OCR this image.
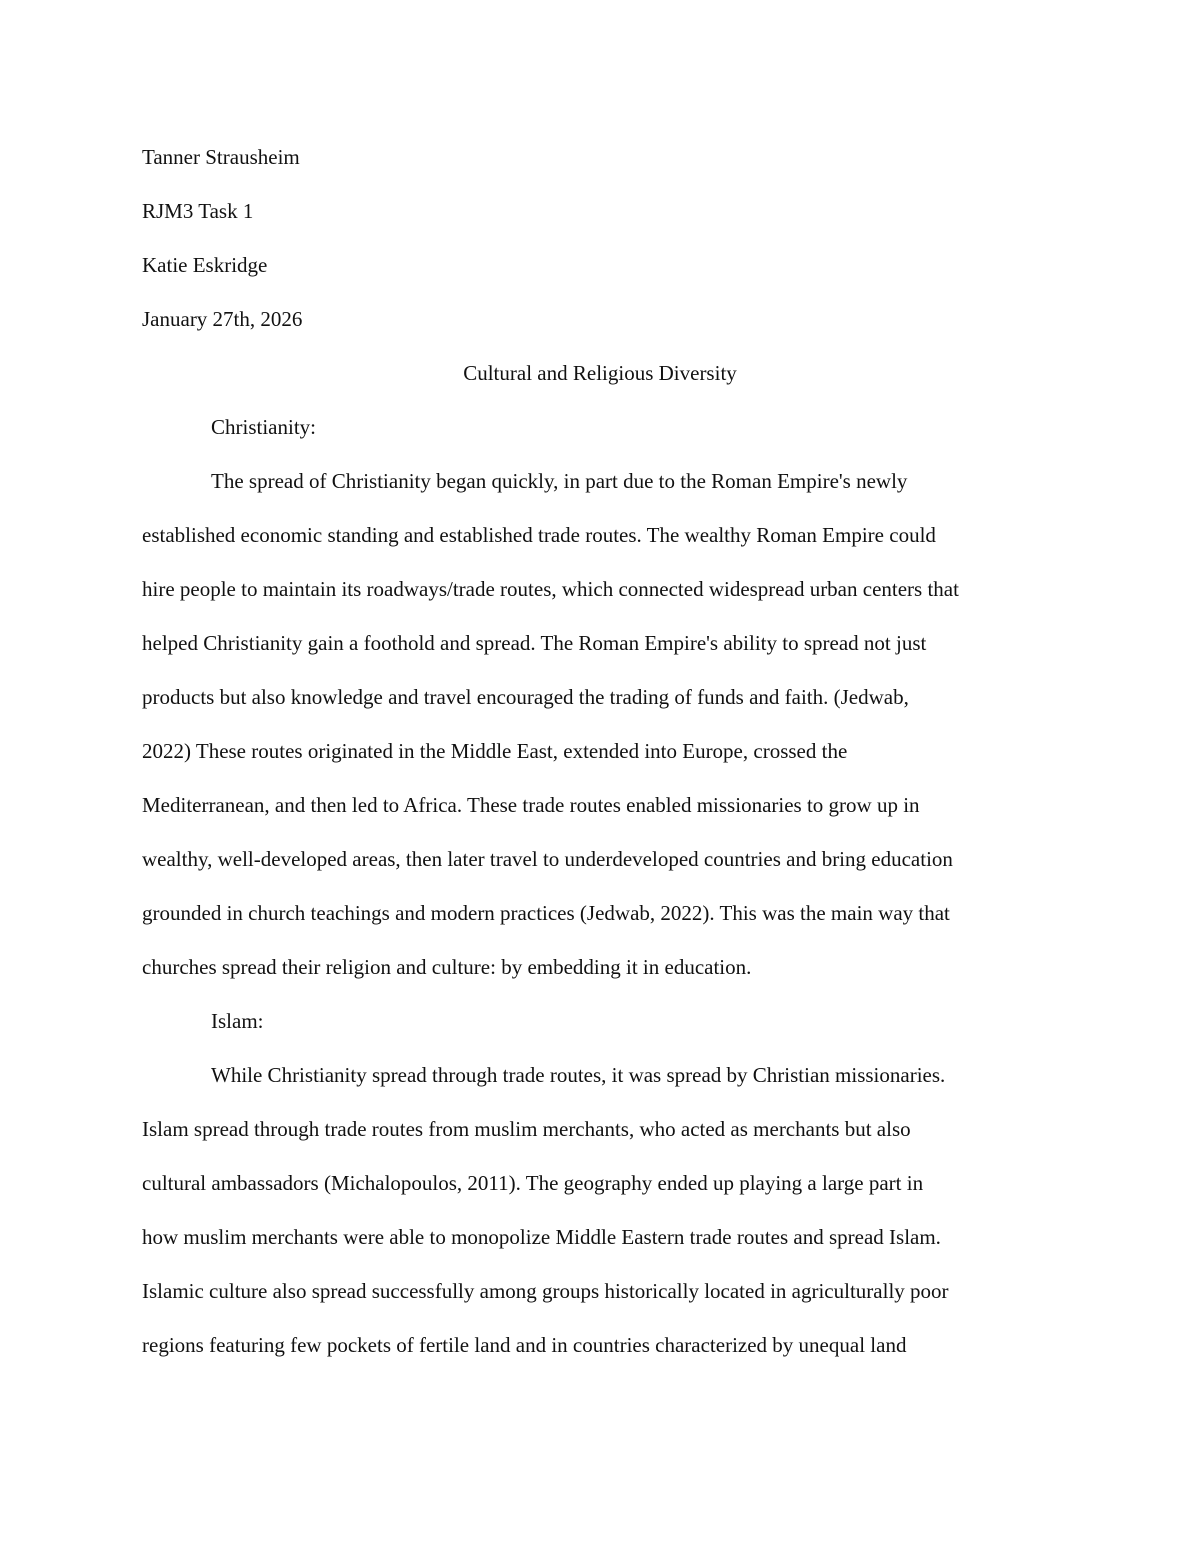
Tanner Strausheim
RJM3 Task 1
Katie Eskridge
January 27th, 2026
Cultural and Religious Diversity
Christianity:
The spread of Christianity began quickly, in part due to the Roman Empire's newly
established economic standing and established trade routes. The wealthy Roman Empire could
hire people to maintain its roadways/trade routes, which connected widespread urban centers that
helped Christianity gain a foothold and spread. The Roman Empire's ability to spread not just
products but also knowledge and travel encouraged the trading of funds and faith. (Jedwab,
2022) These routes originated in the Middle East, extended into Europe, crossed the
Mediterranean, and then led to Africa. These trade routes enabled missionaries to grow up in
wealthy, well-developed areas, then later travel to underdeveloped countries and bring education
grounded in church teachings and modern practices (Jedwab, 2022). This was the main way that
churches spread their religion and culture: by embedding it in education.
Islam:
While Christianity spread through trade routes, it was spread by Christian missionaries.
Islam spread through trade routes from muslim merchants, who acted as merchants but also
cultural ambassadors (Michalopoulos, 2011). The geography ended up playing a large part in
how muslim merchants were able to monopolize Middle Eastern trade routes and spread Islam.
Islamic culture also spread successfully among groups historically located in agriculturally poor
regions featuring few pockets of fertile land and in countries characterized by unequal land
